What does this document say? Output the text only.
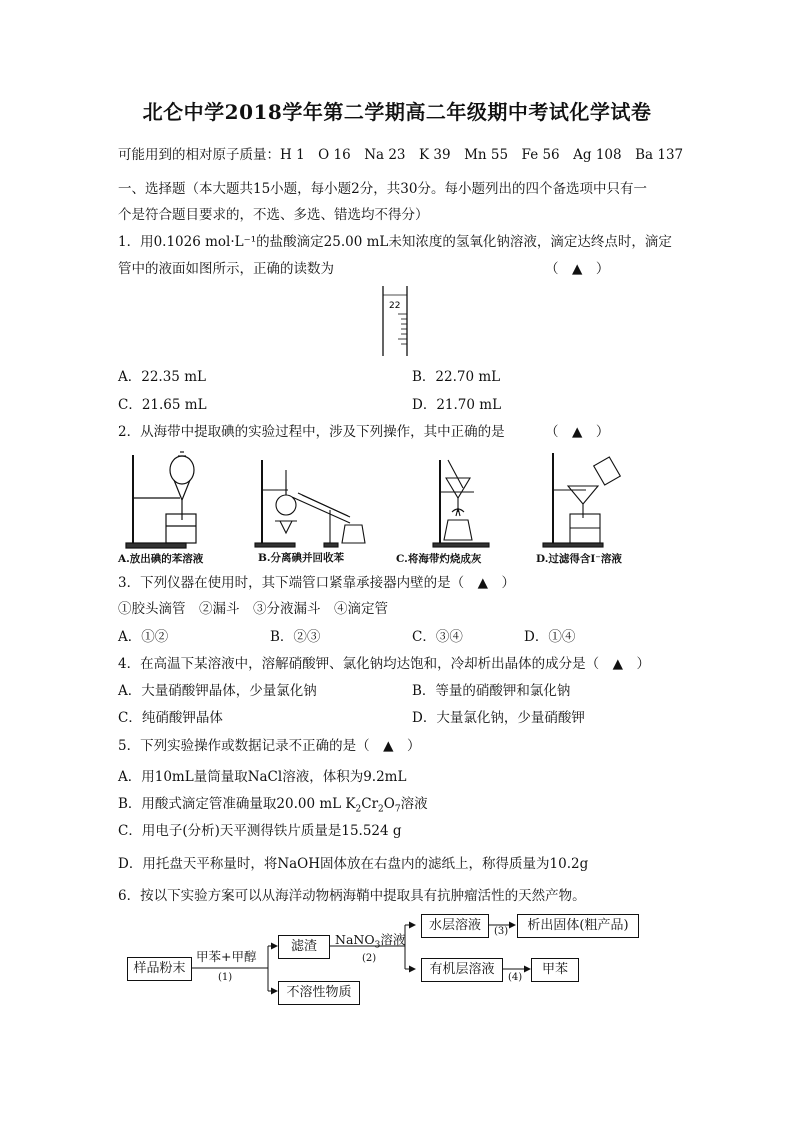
北仑中学2018学年第二学期高二年级期中考试化学试卷
可能用到的相对原子质量：H 1　O 16　Na 23　K 39　Mn 55　Fe 56　Ag 108　Ba 137
一、选择题（本大题共15小题，每小题2分，共30分。每小题列出的四个备选项中只有一
个是符合题目要求的，不选、多选、错选均不得分）
1．用0.1026 mol·L⁻¹的盐酸滴定25.00 mL未知浓度的氢氧化钠溶液，滴定达终点时，滴定
管中的液面如图所示，正确的读数为	（　▲　）
22
A．22.35 mL	B．22.70 mL
C．21.65 mL	D．21.70 mL
2．从海带中提取碘的实验过程中，涉及下列操作，其中正确的是	（　▲　）
A.放出碘的苯溶液	B.分离碘并回收苯	C.将海带灼烧成灰	D.过滤得含I⁻溶液
3．下列仪器在使用时，其下端管口紧靠承接器内壁的是（　▲　）
①胶头滴管　②漏斗　③分液漏斗　④滴定管
A．①②	B．②③	C．③④	D．①④
4．在高温下某溶液中，溶解硝酸钾、氯化钠均达饱和，冷却析出晶体的成分是（　▲　）
A．大量硝酸钾晶体，少量氯化钠	B．等量的硝酸钾和氯化钠
C．纯硝酸钾晶体	D．大量氯化钠，少量硝酸钾
5．下列实验操作或数据记录不正确的是（　▲　）
A．用10mL量筒量取NaCl溶液，体积为9.2mL
B．用酸式滴定管准确量取20.00 mL $K_2Cr_2O_7$溶液
C．用电子(分析)天平测得铁片质量是15.524 g
D．用托盘天平称量时，将NaOH固体放在右盘内的滤纸上，称得质量为10.2g
6．按以下实验方案可以从海洋动物柄海鞘中提取具有抗肿瘤活性的天然产物。
样品粉末
甲苯+甲醇
(1)
滤渣
不溶性物质
NaNO$_3$溶液
(2)
水层溶液	(3)	析出固体(粗产品)
有机层溶液
(4)
甲苯
